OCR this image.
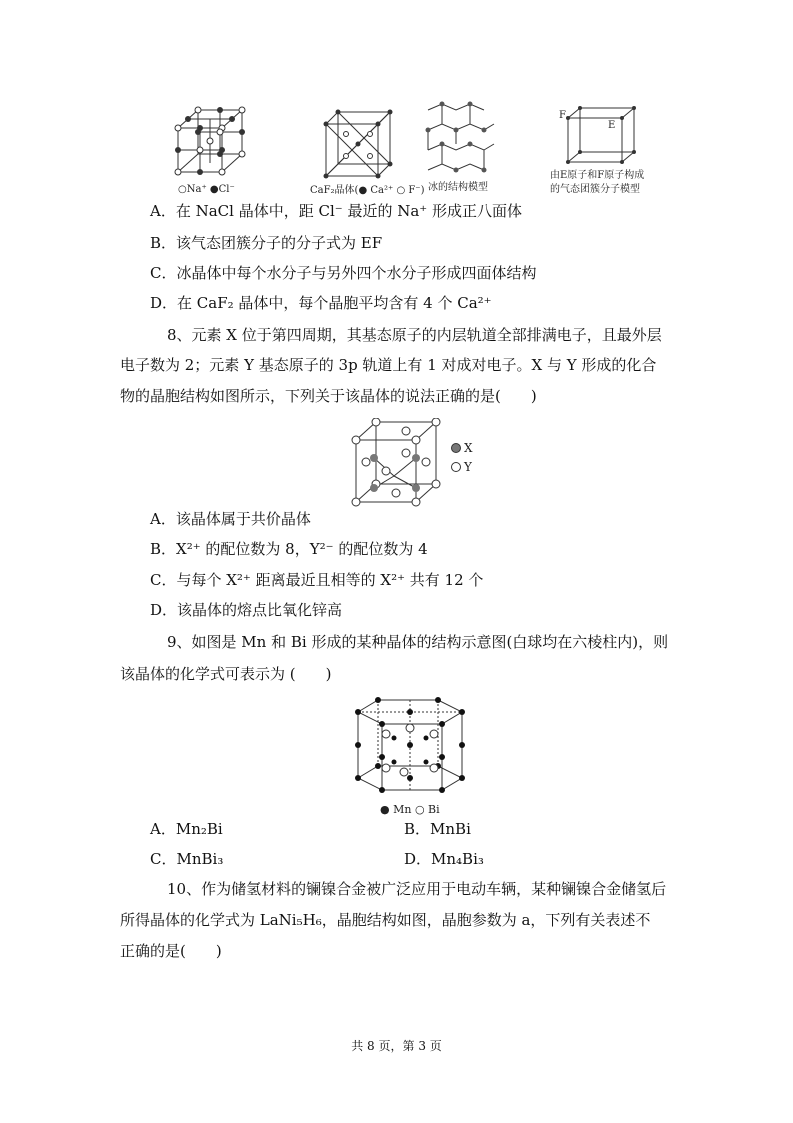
○Na⁺ ●Cl⁻	CaF₂晶体(● Ca²⁺ ○ F⁻) 冰的结构模型
F
E
由E原子和F原子构成
的气态团簇分子模型
A．在 NaCl 晶体中，距 Cl⁻ 最近的 Na⁺ 形成正八面体
B．该气态团簇分子的分子式为 EF
C．冰晶体中每个水分子与另外四个水分子形成四面体结构
D．在 CaF₂ 晶体中，每个晶胞平均含有 4 个 Ca²⁺
8、元素 X 位于第四周期，其基态原子的内层轨道全部排满电子，且最外层
电子数为 2；元素 Y 基态原子的 3p 轨道上有 1 对成对电子。X 与 Y 形成的化合
物的晶胞结构如图所示，下列关于该晶体的说法正确的是(　　)
X
Y
A．该晶体属于共价晶体
B．X²⁺ 的配位数为 8，Y²⁻ 的配位数为 4
C．与每个 X²⁺ 距离最近且相等的 X²⁺ 共有 12 个
D．该晶体的熔点比氧化锌高
9、如图是 Mn 和 Bi 形成的某种晶体的结构示意图(白球均在六棱柱内)，则
该晶体的化学式可表示为 (　　)
● Mn ○ Bi
A．Mn₂Bi	B．MnBi
C．MnBi₃	D．Mn₄Bi₃
10、作为储氢材料的镧镍合金被广泛应用于电动车辆，某种镧镍合金储氢后
所得晶体的化学式为 LaNi₅H₆，晶胞结构如图，晶胞参数为 a，下列有关表述不
正确的是(　　)
共 8 页，第 3 页
